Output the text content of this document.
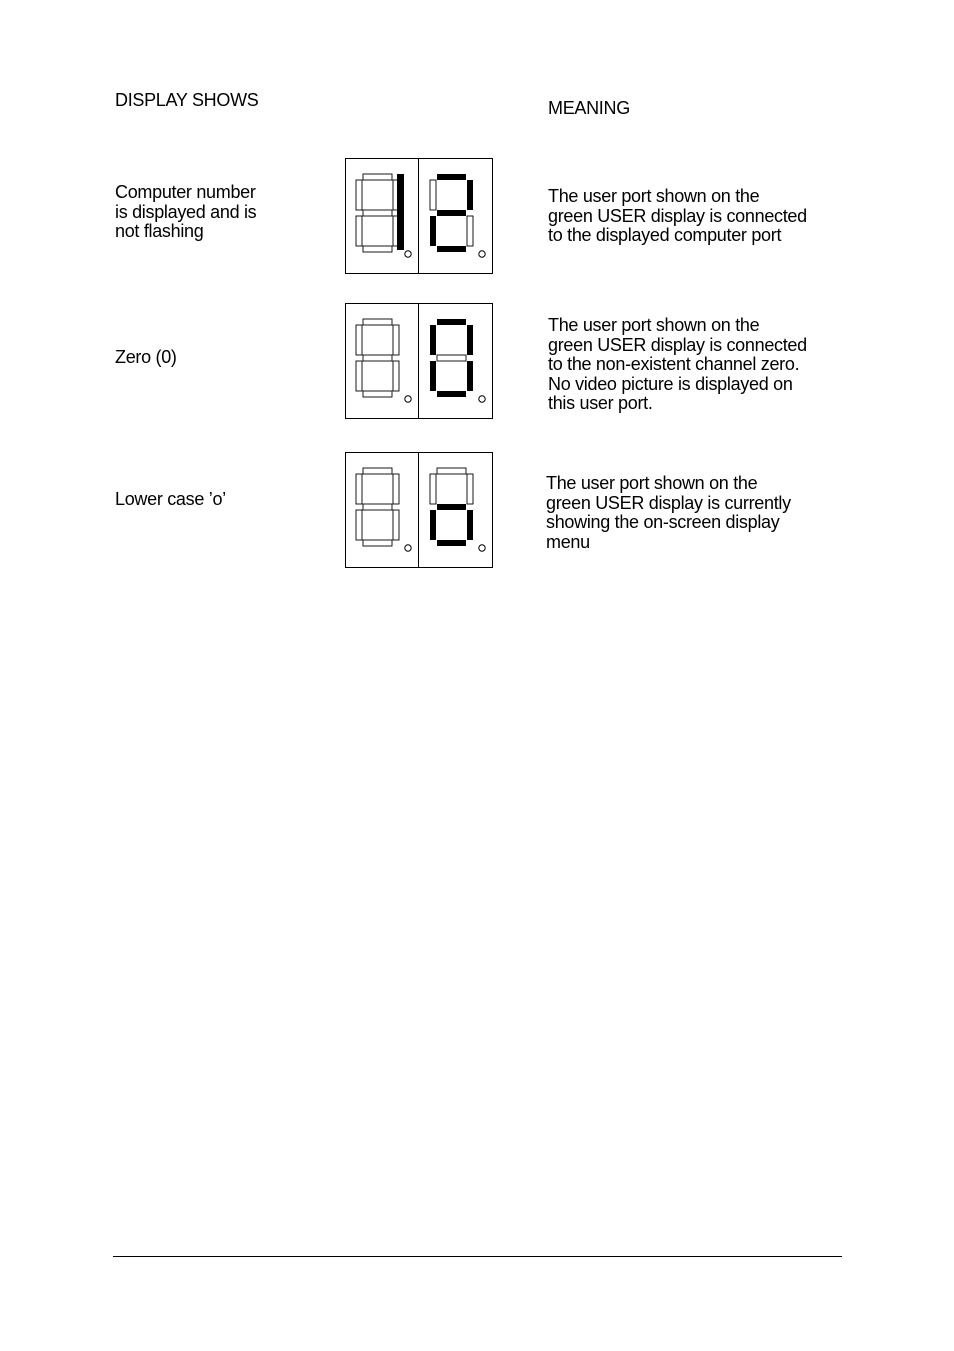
DISPLAY SHOWS	MEANING
Computer number
is displayed and is
not flashing
The user port shown on the
green USER display is connected
to the displayed computer port
Zero (0)
The user port shown on the
green USER display is connected
to the non-existent channel zero.
No video picture is displayed on
this user port.
Lower case ’o’
The user port shown on the
green USER display is currently
showing the on-screen display
menu
